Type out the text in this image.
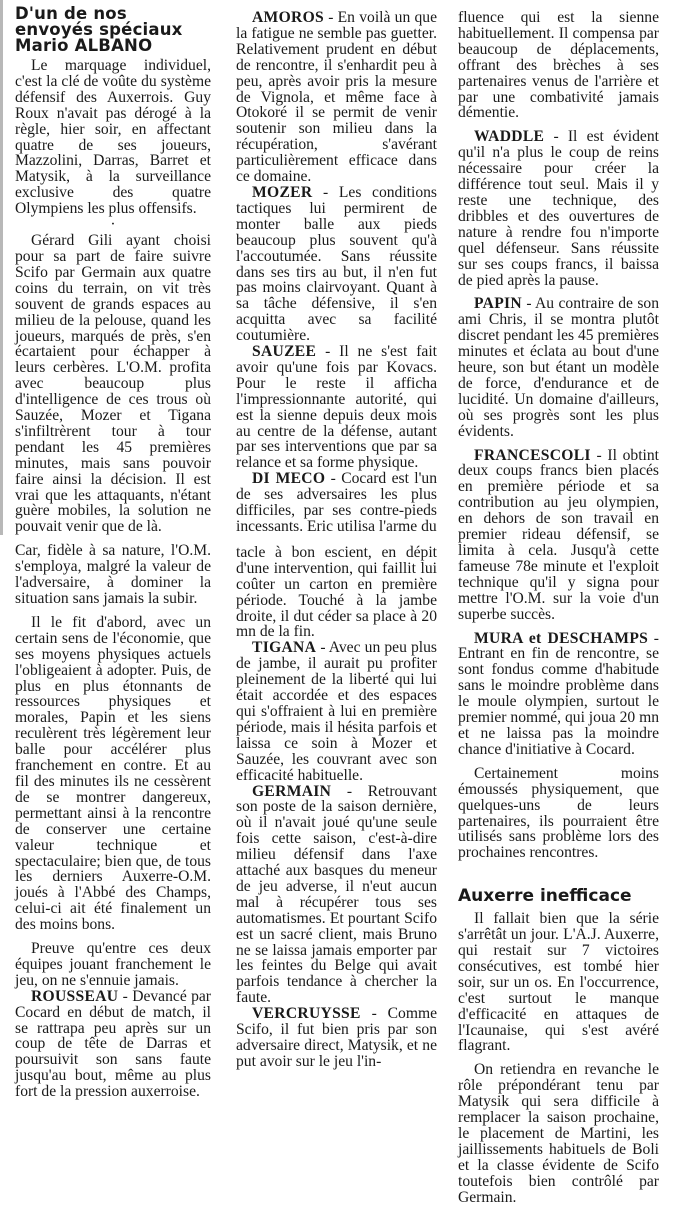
D'un de nos
envoyés spéciaux
Mario ALBANO

Le marquage individuel, c'est la clé de voûte du système défensif des Auxerrois. Guy Roux n'avait pas dérogé à la règle, hier soir, en affectant quatre de ses joueurs, Mazzolini, Darras, Barret et Matysik, à la surveillance exclusive des quatre Olympiens les plus offensifs.

·

Gérard Gili ayant choisi pour sa part de faire suivre Scifo par Germain aux quatre coins du terrain, on vit très souvent de grands espaces au milieu de la pelouse, quand les joueurs, marqués de près, s'en écartaient pour échapper à leurs cerbères. L'O.M. profita avec beaucoup plus d'intelligence de ces trous où Sauzée, Mozer et Tigana s'infiltrèrent tour à tour pendant les 45 premières minutes, mais sans pouvoir faire ainsi la décision. Il est vrai que les attaquants, n'étant guère mobiles, la solution ne pouvait venir que de là.

Car, fidèle à sa nature, l'O.M. s'employa, malgré la valeur de l'adversaire, à dominer la situation sans jamais la subir.

Il le fit d'abord, avec un certain sens de l'économie, que ses moyens physiques actuels l'obligeaient à adopter. Puis, de plus en plus étonnants de ressources physiques et morales, Papin et les siens reculèrent très légèrement leur balle pour accélérer plus franchement en contre. Et au fil des minutes ils ne cessèrent de se montrer dangereux, permettant ainsi à la rencontre de conserver une certaine valeur technique et spectaculaire; bien que, de tous les derniers Auxerre-O.M. joués à l'Abbé des Champs, celui-ci ait été finalement un des moins bons.

Preuve qu'entre ces deux équipes jouant franchement le jeu, on ne s'ennuie jamais.

ROUSSEAU - Devancé par Cocard en début de match, il se rattrapa peu après sur un coup de tête de Darras et poursuivit son sans faute jusqu'au bout, même au plus fort de la pression auxerroise.

AMOROS - En voilà un que la fatigue ne semble pas guetter. Relativement prudent en début de rencontre, il s'enhardit peu à peu, après avoir pris la mesure de Vignola, et même face à Otokoré il se permit de venir soutenir son milieu dans la récupération, s'avérant particulièrement efficace dans ce domaine.

MOZER - Les conditions tactiques lui permirent de monter balle aux pieds beaucoup plus souvent qu'à l'accoutumée. Sans réussite dans ses tirs au but, il n'en fut pas moins clairvoyant. Quant à sa tâche défensive, il s'en acquitta avec sa facilité coutumière.

SAUZEE - Il ne s'est fait avoir qu'une fois par Kovacs. Pour le reste il afficha l'impressionnante autorité, qui est la sienne depuis deux mois au centre de la défense, autant par ses interventions que par sa relance et sa forme physique.

DI MECO - Cocard est l'un de ses adversaires les plus difficiles, par ses contre-pieds incessants. Eric utilisa l'arme du

tacle à bon escient, en dépit d'une intervention, qui faillit lui coûter un carton en première période. Touché à la jambe droite, il dut céder sa place à 20 mn de la fin.

TIGANA - Avec un peu plus de jambe, il aurait pu profiter pleinement de la liberté qui lui était accordée et des espaces qui s'offraient à lui en première période, mais il hésita parfois et laissa ce soin à Mozer et Sauzée, les couvrant avec son efficacité habituelle.

GERMAIN - Retrouvant son poste de la saison dernière, où il n'avait joué qu'une seule fois cette saison, c'est-à-dire milieu défensif dans l'axe attaché aux basques du meneur de jeu adverse, il n'eut aucun mal à récupérer tous ses automatismes. Et pourtant Scifo est un sacré client, mais Bruno ne se laissa jamais emporter par les feintes du Belge qui avait parfois tendance à chercher la faute.

VERCRUYSSE - Comme Scifo, il fut bien pris par son adversaire direct, Matysik, et ne put avoir sur le jeu l'in-

fluence qui est la sienne habituellement. Il compensa par beaucoup de déplacements, offrant des brèches à ses partenaires venus de l'arrière et par une combativité jamais démentie.

WADDLE - Il est évident qu'il n'a plus le coup de reins nécessaire pour créer la différence tout seul. Mais il y reste une technique, des dribbles et des ouvertures de nature à rendre fou n'importe quel défenseur. Sans réussite sur ses coups francs, il baissa de pied après la pause.

PAPIN - Au contraire de son ami Chris, il se montra plutôt discret pendant les 45 premières minutes et éclata au bout d'une heure, son but étant un modèle de force, d'endurance et de lucidité. Un domaine d'ailleurs, où ses progrès sont les plus évidents.

FRANCESCOLI - Il obtint deux coups francs bien placés en première période et sa contribution au jeu olympien, en dehors de son travail en premier rideau défensif, se limita à cela. Jusqu'à cette fameuse 78e minute et l'exploit technique qu'il y signa pour mettre l'O.M. sur la voie d'un superbe succès.

MURA et DESCHAMPS - Entrant en fin de rencontre, se sont fondus comme d'habitude sans le moindre problème dans le moule olympien, surtout le premier nommé, qui joua 20 mn et ne laissa pas la moindre chance d'initiative à Cocard.

Certainement moins émoussés physiquement, que quelques-uns de leurs partenaires, ils pourraient être utilisés sans problème lors des prochaines rencontres.

Auxerre inefficace

Il fallait bien que la série s'arrêtât un jour. L'A.J. Auxerre, qui restait sur 7 victoires consécutives, est tombé hier soir, sur un os. En l'occurrence, c'est surtout le manque d'efficacité en attaques de l'Icaunaise, qui s'est avéré flagrant.

On retiendra en revanche le rôle prépondérant tenu par Matysik qui sera difficile à remplacer la saison prochaine, le placement de Martini, les jaillissements habituels de Boli et la classe évidente de Scifo toutefois bien contrôlé par Germain.
